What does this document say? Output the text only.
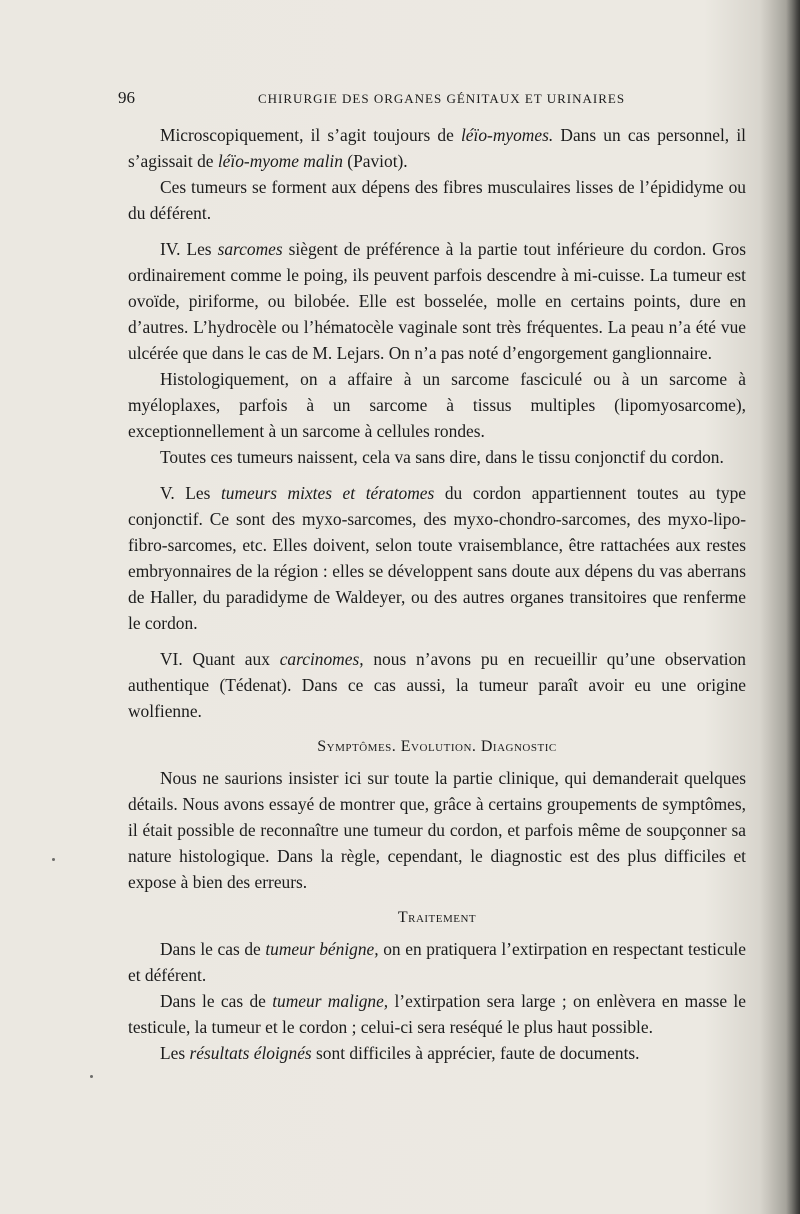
96	CHIRURGIE DES ORGANES GÉNITAUX ET URINAIRES

Microscopiquement, il s’agit toujours de léïo-myomes. Dans un cas personnel, il s’agissait de léïo-myome malin (Paviot).

Ces tumeurs se forment aux dépens des fibres musculaires lisses de l’épididyme ou du déférent.

IV. Les sarcomes siègent de préférence à la partie tout inférieure du cordon. Gros ordinairement comme le poing, ils peuvent parfois descendre à mi-cuisse. La tumeur est ovoïde, piriforme, ou bilobée. Elle est bosselée, molle en certains points, dure en d’autres. L’hydrocèle ou l’hématocèle vaginale sont très fréquentes. La peau n’a été vue ulcérée que dans le cas de M. Lejars. On n’a pas noté d’engorgement ganglionnaire.

Histologiquement, on a affaire à un sarcome fasciculé ou à un sarcome à myéloplaxes, parfois à un sarcome à tissus multiples (lipomyosarcome), exceptionnellement à un sarcome à cellules rondes.

Toutes ces tumeurs naissent, cela va sans dire, dans le tissu conjonctif du cordon.

V. Les tumeurs mixtes et tératomes du cordon appartiennent toutes au type conjonctif. Ce sont des myxo-sarcomes, des myxo-chondro-sarcomes, des myxo-lipo-fibro-sarcomes, etc. Elles doivent, selon toute vraisemblance, être rattachées aux restes embryonnaires de la région : elles se développent sans doute aux dépens du vas aberrans de Haller, du paradidyme de Waldeyer, ou des autres organes transitoires que renferme le cordon.

VI. Quant aux carcinomes, nous n’avons pu en recueillir qu’une observation authentique (Tédenat). Dans ce cas aussi, la tumeur paraît avoir eu une origine wolfienne.

Symptômes. Evolution. Diagnostic

Nous ne saurions insister ici sur toute la partie clinique, qui demanderait quelques détails. Nous avons essayé de montrer que, grâce à certains groupements de symptômes, il était possible de reconnaître une tumeur du cordon, et parfois même de soupçonner sa nature histologique. Dans la règle, cependant, le diagnostic est des plus difficiles et expose à bien des erreurs.

Traitement

Dans le cas de tumeur bénigne, on en pratiquera l’extirpation en respectant testicule et déférent.

Dans le cas de tumeur maligne, l’extirpation sera large ; on enlèvera en masse le testicule, la tumeur et le cordon ; celui-ci sera reséqué le plus haut possible.

Les résultats éloignés sont difficiles à apprécier, faute de documents.
